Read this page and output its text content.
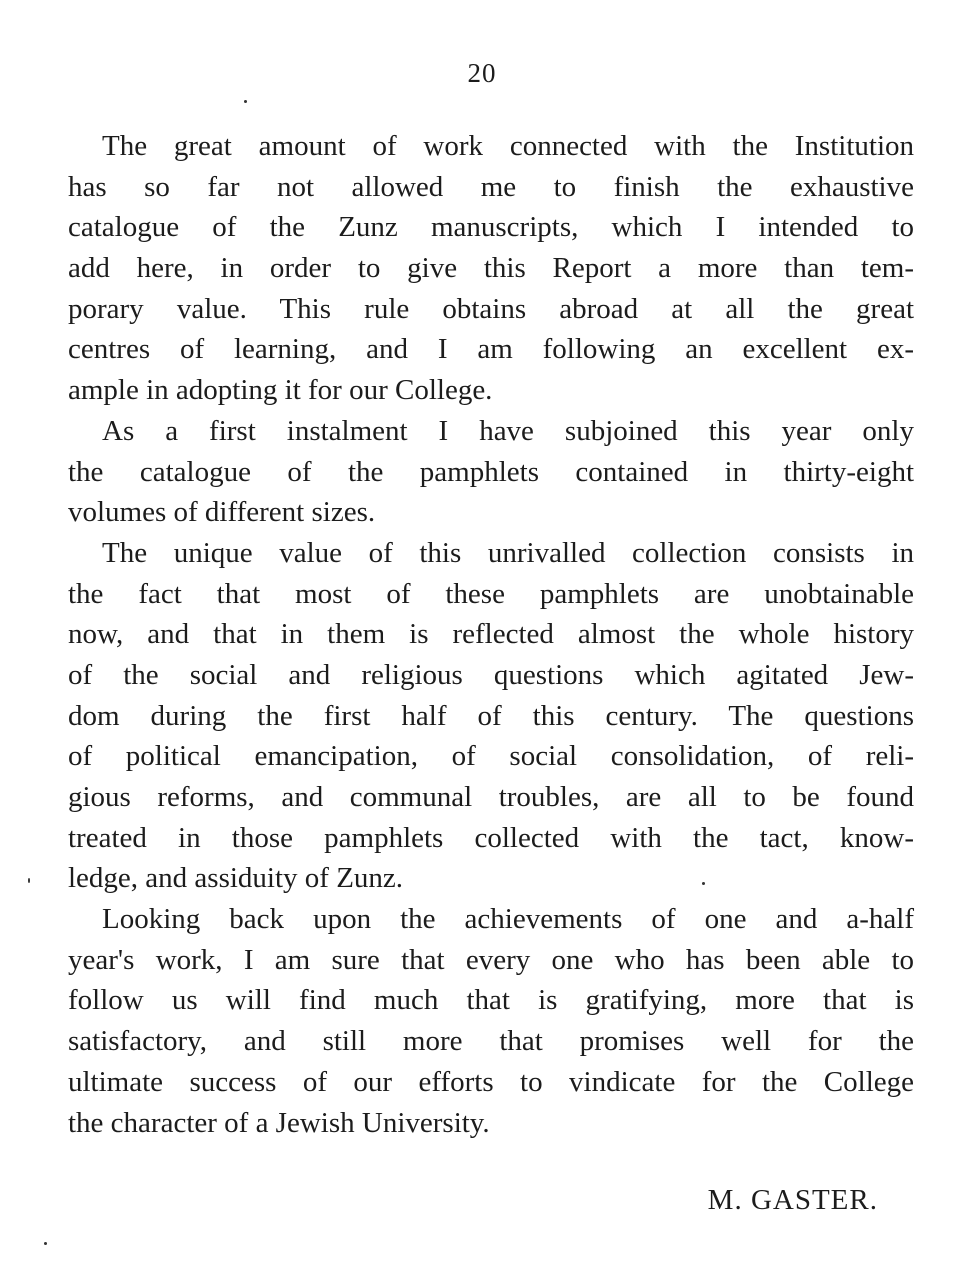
20
The great amount of work connected with the Institution
has so far not allowed me to finish the exhaustive
catalogue of the Zunz manuscripts, which I intended to
add here, in order to give this Report a more than tem-
porary value. This rule obtains abroad at all the great
centres of learning, and I am following an excellent ex-
ample in adopting it for our College.
As a first instalment I have subjoined this year only
the catalogue of the pamphlets contained in thirty-eight
volumes of different sizes.
The unique value of this unrivalled collection consists in
the fact that most of these pamphlets are unobtainable
now, and that in them is reflected almost the whole history
of the social and religious questions which agitated Jew-
dom during the first half of this century. The questions
of political emancipation, of social consolidation, of reli-
gious reforms, and communal troubles, are all to be found
treated in those pamphlets collected with the tact, know-
ledge, and assiduity of Zunz.
Looking back upon the achievements of one and a-half
year's work, I am sure that every one who has been able to
follow us will find much that is gratifying, more that is
satisfactory, and still more that promises well for the
ultimate success of our efforts to vindicate for the College
the character of a Jewish University.
M. GASTER.
